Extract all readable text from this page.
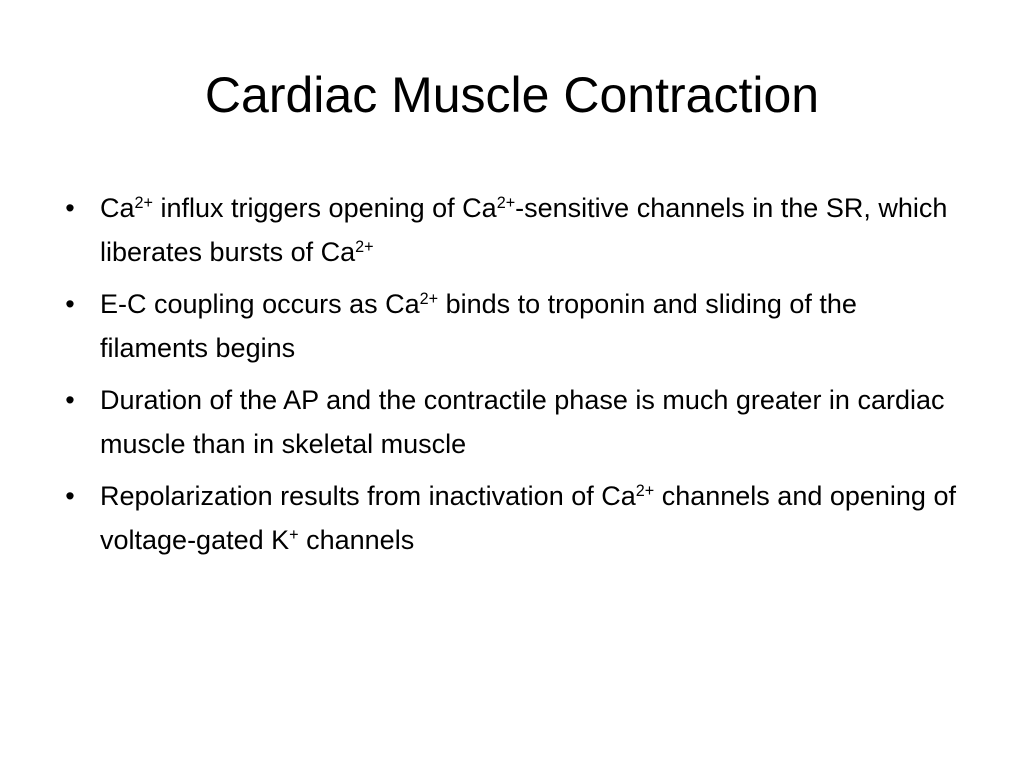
Cardiac Muscle Contraction
• $Ca^{2+}$ influx triggers opening of $Ca^{2+}$-sensitive channels in the SR, which liberates bursts of $Ca^{2+}$
• E-C coupling occurs as $Ca^{2+}$ binds to troponin and sliding of the filaments begins
• Duration of the AP and the contractile phase is much greater in cardiac muscle than in skeletal muscle
• Repolarization results from inactivation of $Ca^{2+}$ channels and opening of voltage-gated K+ channels
